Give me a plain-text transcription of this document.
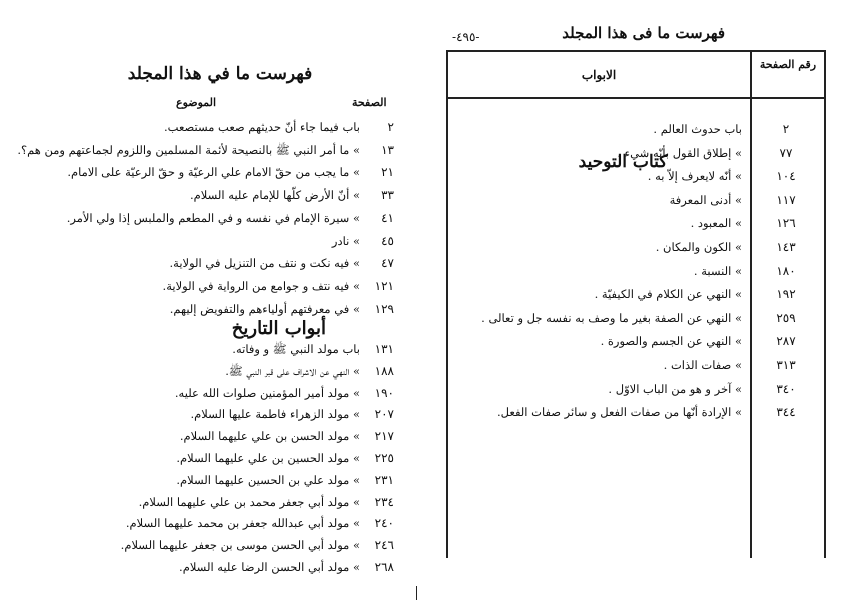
فهرست ما في هذا المجلد
الصفحة
الموضوع
٢
باب فيما جاء أنّ حديثهم صعب مستصعب.
١٣
» ما أمر النبي ﷺ بالنصيحة لأئمة المسلمين واللزوم لجماعتهم ومن هم؟.
٢١
» ما يجب من حقّ الامام علي الرعيّة و حقّ الرعيّة على الامام.
٣٣
» أنّ الأرض كلّها للإمام عليه السلام.
٤١
» سيرة الإمام في نفسه و في المطعم والملبس إذا ولي الأمر.
٤٥
» نادر
٤٧
» فيه نكت و نتف من التنزيل في الولاية.
١٢١
» فيه نتف و جوامع من الرواية في الولاية.
١٢٩
» في معرفتهم أولياءهم والتفويض إليهم.
أبواب التاريخ
١٣١
باب مولد النبي ﷺ و وفاته.
١٨٨
» النهي عن الاشراف على قبر النبي ﷺ.
١٩٠
» مولد أمير المؤمنين صلوات الله عليه.
٢٠٧
» مولد الزهراء فاطمة عليها السلام.
٢١٧
» مولد الحسن بن علي عليهما السلام.
٢٢٥
» مولد الحسين بن علي عليهما السلام.
٢٣١
» مولد علي بن الحسين عليهما السلام.
٢٣٤
» مولد أبي جعفر محمد بن علي عليهما السلام.
٢٤٠
» مولد أبي عبدالله جعفر بن محمد عليهما السلام.
٢٤٦
» مولد أبي الحسن موسى بن جعفر عليهما السلام.
٢٦٨
» مولد أبي الحسن الرضا عليه السلام.
فهرست ما فى هذا المجلد
-٤٩٥-
رقم الصفحة
الابواب
كتاب التوحيد
٢
باب حدوث العالم .
٧٧
» إطلاق القول بأنّه شيء .
١٠٤
» أنّه لايعرف إلاّ به .
١١٧
» أدنى المعرفة
١٢٦
» المعبود .
١٤٣
» الكون والمكان .
١٨٠
» النسبة .
١٩٢
» النهي عن الكلام في الكيفيّة .
٢٥٩
» النهي عن الصفة بغير ما وصف به نفسه جل و تعالى .
٢٨٧
» النهي عن الجسم والصورة .
٣١٣
» صفات الذات .
٣٤٠
» آخر و هو من الباب الاوّل .
٣٤٤
» الإرادة أنّها من صفات الفعل و سائر صفات الفعل.
